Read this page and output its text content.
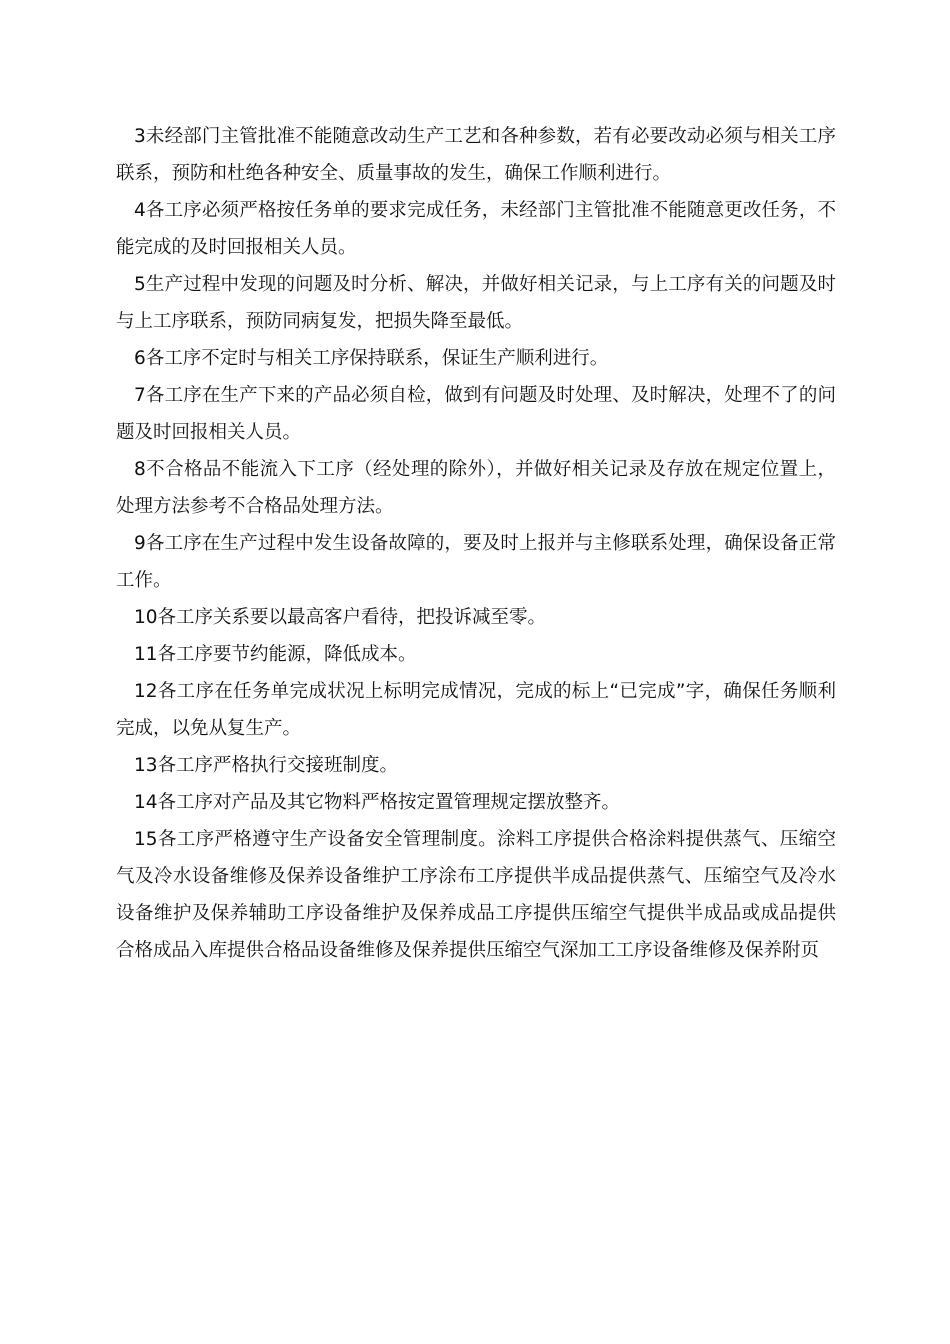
3未经部门主管批准不能随意改动生产工艺和各种参数，若有必要改动必须与相关工序联系，预防和杜绝各种安全、质量事故的发生，确保工作顺利进行。

4各工序必须严格按任务单的要求完成任务，未经部门主管批准不能随意更改任务，不能完成的及时回报相关人员。

5生产过程中发现的问题及时分析、解决，并做好相关记录，与上工序有关的问题及时与上工序联系，预防同病复发，把损失降至最低。

6各工序不定时与相关工序保持联系，保证生产顺利进行。

7各工序在生产下来的产品必须自检，做到有问题及时处理、及时解决，处理不了的问题及时回报相关人员。

8不合格品不能流入下工序（经处理的除外），并做好相关记录及存放在规定位置上，处理方法参考不合格品处理方法。

9各工序在生产过程中发生设备故障的，要及时上报并与主修联系处理，确保设备正常工作。

10各工序关系要以最高客户看待，把投诉减至零。

11各工序要节约能源，降低成本。

12各工序在任务单完成状况上标明完成情况，完成的标上“已完成”字，确保任务顺利完成，以免从复生产。

13各工序严格执行交接班制度。

14各工序对产品及其它物料严格按定置管理规定摆放整齐。

15各工序严格遵守生产设备安全管理制度。涂料工序提供合格涂料提供蒸气、压缩空气及冷水设备维修及保养设备维护工序涂布工序提供半成品提供蒸气、压缩空气及冷水设备维护及保养辅助工序设备维护及保养成品工序提供压缩空气提供半成品或成品提供合格成品入库提供合格品设备维修及保养提供压缩空气深加工工序设备维修及保养附页
